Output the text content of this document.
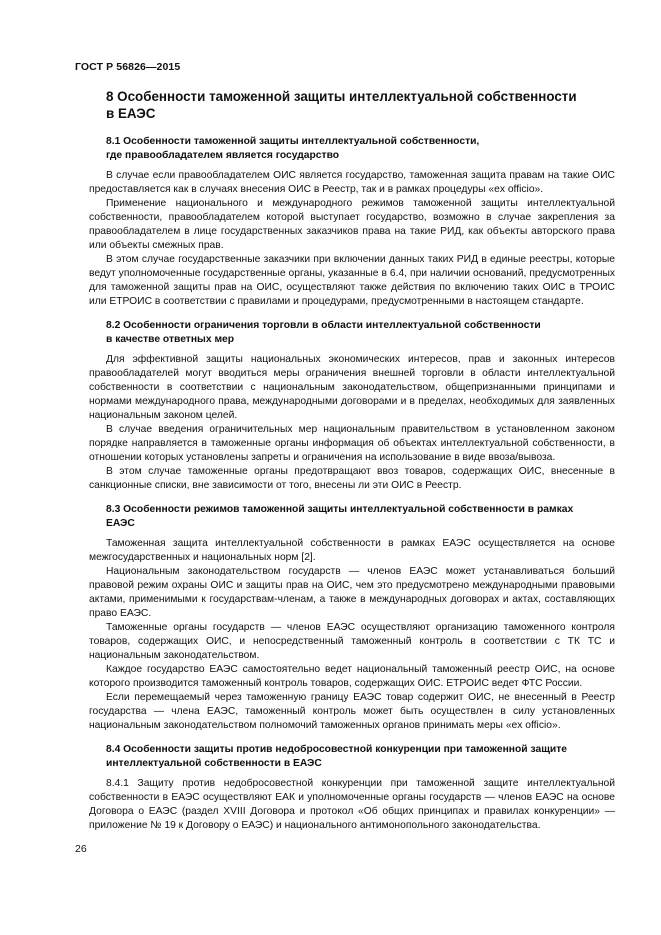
ГОСТ Р 56826—2015
8 Особенности таможенной защиты интеллектуальной собственности
в ЕАЭС
8.1 Особенности таможенной защиты интеллектуальной собственности,
где правообладателем является государство

В случае если правообладателем ОИС является государство, таможенная защита правам на такие ОИС предоставляется как в случаях внесения ОИС в Реестр, так и в рамках процедуры «ex officio».

Применение национального и международного режимов таможенной защиты интеллектуальной собственности, правообладателем которой выступает государство, возможно в случае закрепления за правообладателем в лице государственных заказчиков права на такие РИД, как объекты авторского права или объекты смежных прав.

В этом случае государственные заказчики при включении данных таких РИД в единые реестры, которые ведут уполномоченные государственные органы, указанные в 6.4, при наличии оснований, предусмотренных для таможенной защиты прав на ОИС, осуществляют также действия по включению таких ОИС в ТРОИС или ЕТРОИС в соответствии с правилами и процедурами, предусмотренными в настоящем стандарте.

8.2 Особенности ограничения торговли в области интеллектуальной собственности
в качестве ответных мер

Для эффективной защиты национальных экономических интересов, прав и законных интересов правообладателей могут вводиться меры ограничения внешней торговли в области интеллектуальной собственности в соответствии с национальным законодательством, общепризнанными принципами и нормами международного права, международными договорами и в пределах, необходимых для заявленных национальным законом целей.

В случае введения ограничительных мер национальным правительством в установленном законом порядке направляется в таможенные органы информация об объектах интеллектуальной собственности, в отношении которых установлены запреты и ограничения на использование в виде ввоза/вывоза.

В этом случае таможенные органы предотвращают ввоз товаров, содержащих ОИС, внесенные в санкционные списки, вне зависимости от того, внесены ли эти ОИС в Реестр.

8.3 Особенности режимов таможенной защиты интеллектуальной собственности в рамках
ЕАЭС

Таможенная защита интеллектуальной собственности в рамках ЕАЭС осуществляется на основе межгосударственных и национальных норм [2].

Национальным законодательством государств — членов ЕАЭС может устанавливаться больший правовой режим охраны ОИС и защиты прав на ОИС, чем это предусмотрено международными правовыми актами, применимыми к государствам-членам, а также в международных договорах и актах, составляющих право ЕАЭС.

Таможенные органы государств — членов ЕАЭС осуществляют организацию таможенного контроля товаров, содержащих ОИС, и непосредственный таможенный контроль в соответствии с ТК ТС и национальным законодательством.

Каждое государство ЕАЭС самостоятельно ведет национальный таможенный реестр ОИС, на основе которого производится таможенный контроль товаров, содержащих ОИС. ЕТРОИС ведет ФТС России.

Если перемещаемый через таможенную границу ЕАЭС товар содержит ОИС, не внесенный в Реестр государства — члена ЕАЭС, таможенный контроль может быть осуществлен в силу установленных национальным законодательством полномочий таможенных органов принимать меры «ex officio».

8.4 Особенности защиты против недобросовестной конкуренции при таможенной защите
интеллектуальной собственности в ЕАЭС

8.4.1 Защиту против недобросовестной конкуренции при таможенной защите интеллектуальной собственности в ЕАЭС осуществляют ЕАК и уполномоченные органы государств — членов ЕАЭС на основе Договора о ЕАЭС (раздел XVIII Договора и протокол «Об общих принципах и правилах конкуренции» — приложение № 19 к Договору о ЕАЭС) и национального антимонопольного законодательства.

26
